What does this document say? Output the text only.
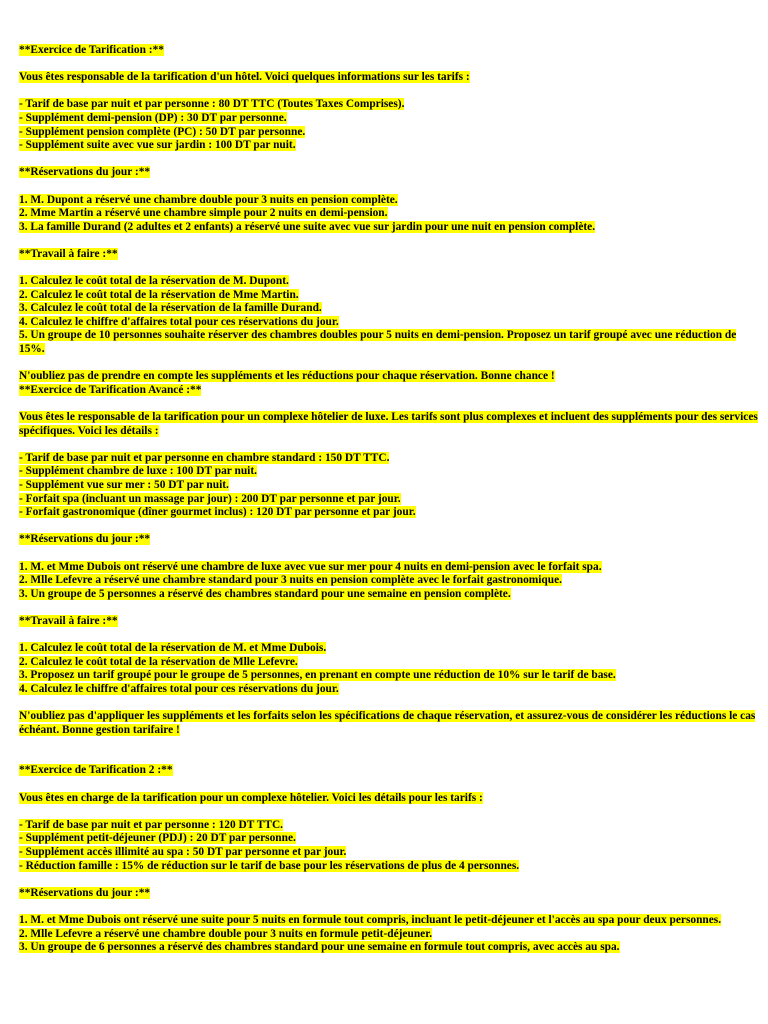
**Exercice de Tarification :**
Vous êtes responsable de la tarification d'un hôtel. Voici quelques informations sur les tarifs :
- Tarif de base par nuit et par personne : 80 DT TTC (Toutes Taxes Comprises).
- Supplément demi-pension (DP) : 30 DT par personne.
- Supplément pension complète (PC) : 50 DT par personne.
- Supplément suite avec vue sur jardin : 100 DT par nuit.
**Réservations du jour :**
1. M. Dupont a réservé une chambre double pour 3 nuits en pension complète.
2. Mme Martin a réservé une chambre simple pour 2 nuits en demi-pension.
3. La famille Durand (2 adultes et 2 enfants) a réservé une suite avec vue sur jardin pour une nuit en pension complète.
**Travail à faire :**
1. Calculez le coût total de la réservation de M. Dupont.
2. Calculez le coût total de la réservation de Mme Martin.
3. Calculez le coût total de la réservation de la famille Durand.
4. Calculez le chiffre d'affaires total pour ces réservations du jour.
5. Un groupe de 10 personnes souhaite réserver des chambres doubles pour 5 nuits en demi-pension. Proposez un tarif groupé avec une réduction de
15%.
N'oubliez pas de prendre en compte les suppléments et les réductions pour chaque réservation. Bonne chance !
**Exercice de Tarification Avancé :**
Vous êtes le responsable de la tarification pour un complexe hôtelier de luxe. Les tarifs sont plus complexes et incluent des suppléments pour des services
spécifiques. Voici les détails :
- Tarif de base par nuit et par personne en chambre standard : 150 DT TTC.
- Supplément chambre de luxe : 100 DT par nuit.
- Supplément vue sur mer : 50 DT par nuit.
- Forfait spa (incluant un massage par jour) : 200 DT par personne et par jour.
- Forfait gastronomique (dîner gourmet inclus) : 120 DT par personne et par jour.
**Réservations du jour :**
1. M. et Mme Dubois ont réservé une chambre de luxe avec vue sur mer pour 4 nuits en demi-pension avec le forfait spa.
2. Mlle Lefevre a réservé une chambre standard pour 3 nuits en pension complète avec le forfait gastronomique.
3. Un groupe de 5 personnes a réservé des chambres standard pour une semaine en pension complète.
**Travail à faire :**
1. Calculez le coût total de la réservation de M. et Mme Dubois.
2. Calculez le coût total de la réservation de Mlle Lefevre.
3. Proposez un tarif groupé pour le groupe de 5 personnes, en prenant en compte une réduction de 10% sur le tarif de base.
4. Calculez le chiffre d'affaires total pour ces réservations du jour.
N'oubliez pas d'appliquer les suppléments et les forfaits selon les spécifications de chaque réservation, et assurez-vous de considérer les réductions le cas
échéant. Bonne gestion tarifaire !
**Exercice de Tarification 2 :**
Vous êtes en charge de la tarification pour un complexe hôtelier. Voici les détails pour les tarifs :
- Tarif de base par nuit et par personne : 120 DT TTC.
- Supplément petit-déjeuner (PDJ) : 20 DT par personne.
- Supplément accès illimité au spa : 50 DT par personne et par jour.
- Réduction famille : 15% de réduction sur le tarif de base pour les réservations de plus de 4 personnes.
**Réservations du jour :**
1. M. et Mme Dubois ont réservé une suite pour 5 nuits en formule tout compris, incluant le petit-déjeuner et l'accès au spa pour deux personnes.
2. Mlle Lefevre a réservé une chambre double pour 3 nuits en formule petit-déjeuner.
3. Un groupe de 6 personnes a réservé des chambres standard pour une semaine en formule tout compris, avec accès au spa.
